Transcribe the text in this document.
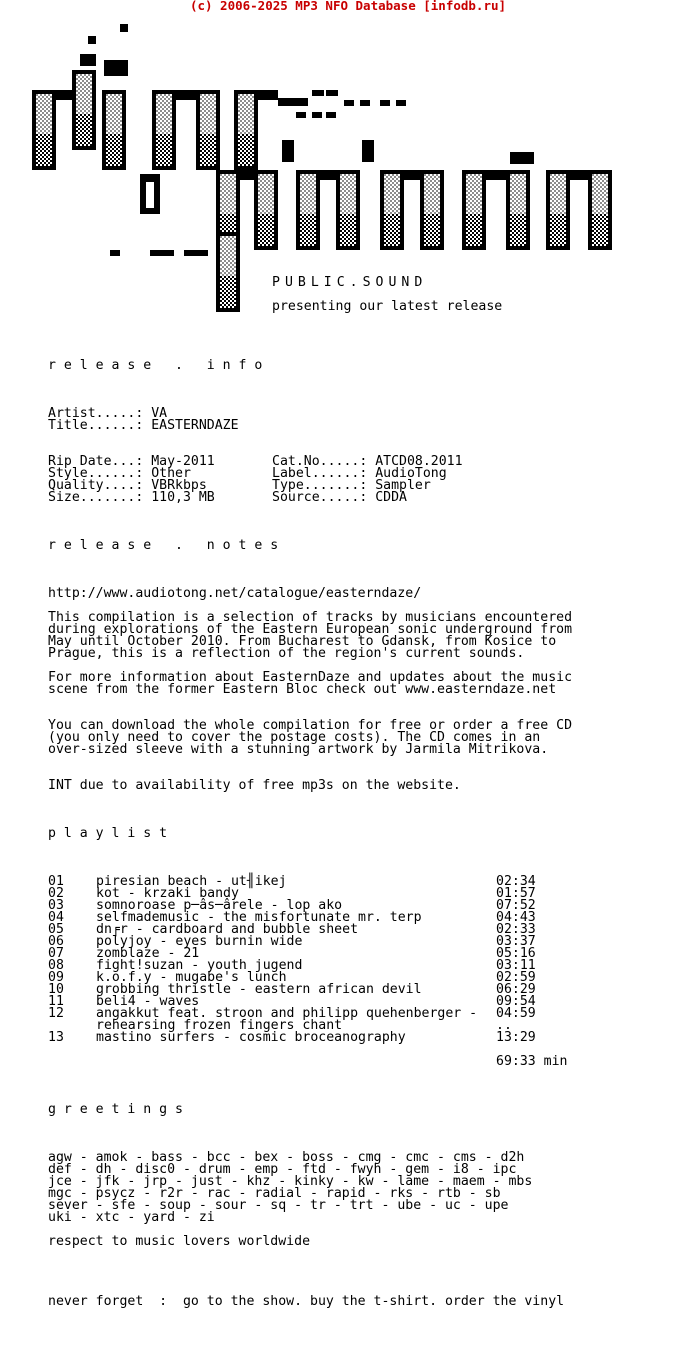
(c) 2006-2025 MP3 NFO Database [infodb.ru]
PUBLIC.SOUND
presenting our latest release
r e l e a s e   .   i n f o
Artist.....: VA
Title......: EASTERNDAZE
Rip Date...: May-2011	Cat.No.....: ATCD08.2011
Style......: Other	Label......: AudioTong
Quality....: VBRkbps	Type.......: Sampler
Size.......: 110,3 MB	Source.....: CDDA
r e l e a s e   .   n o t e s
http://www.audiotong.net/catalogue/easterndaze/
This compilation is a selection of tracks by musicians encountered
during explorations of the Eastern European sonic underground from
May until October 2010. From Bucharest to Gdansk, from Kosice to
Prague, this is a reflection of the region's current sounds.
For more information about EasternDaze and updates about the music
scene from the former Eastern Bloc check out www.easterndaze.net
You can download the whole compilation for free or order a free CD
(you only need to cover the postage costs). The CD comes in an
over-sized sleeve with a stunning artwork by Jarmila Mitrikova.
INT due to availability of free mp3s on the website.
p l a y l i s t
01 piresian beach - ut╢ikej	02:34
02 kot - krzaki bandy	01:57
03 somnoroase p─âs─ârele - lop ako	07:52
04 selfmademusic - the misfortunate mr. terp	04:43
05 dn╒r - cardboard and bubble sheet	02:33
06 polyjoy - eyes burnin wide	03:37
07 zomblaze - 21	05:16
08 fight!suzan - youth jugend	03:11
09 k.o.f.y - mugabe's lunch	02:59
10 grobbing thristle - eastern african devil	06:29
11 beli4 - waves	09:54
12 angakkut feat. stroon and philipp quehenberger - 04:59
rehearsing frozen fingers chant	..
13 mastino surfers - cosmic broceanography	13:29
69:33 min
g r e e t i n g s
agw - amok - bass - bcc - bex - boss - cmg - cmc - cms - d2h
def - dh - disc0 - drum - emp - ftd - fwyh - gem - i8 - ipc
jce - jfk - jrp - just - khz - kinky - kw - lame - maem - mbs
mgc - psycz - r2r - rac - radial - rapid - rks - rtb - sb
sever - sfe - soup - sour - sq - tr - trt - ube - uc - upe
uki - xtc - yard - zi
respect to music lovers worldwide
never forget  :  go to the show. buy the t-shirt. order the vinyl
